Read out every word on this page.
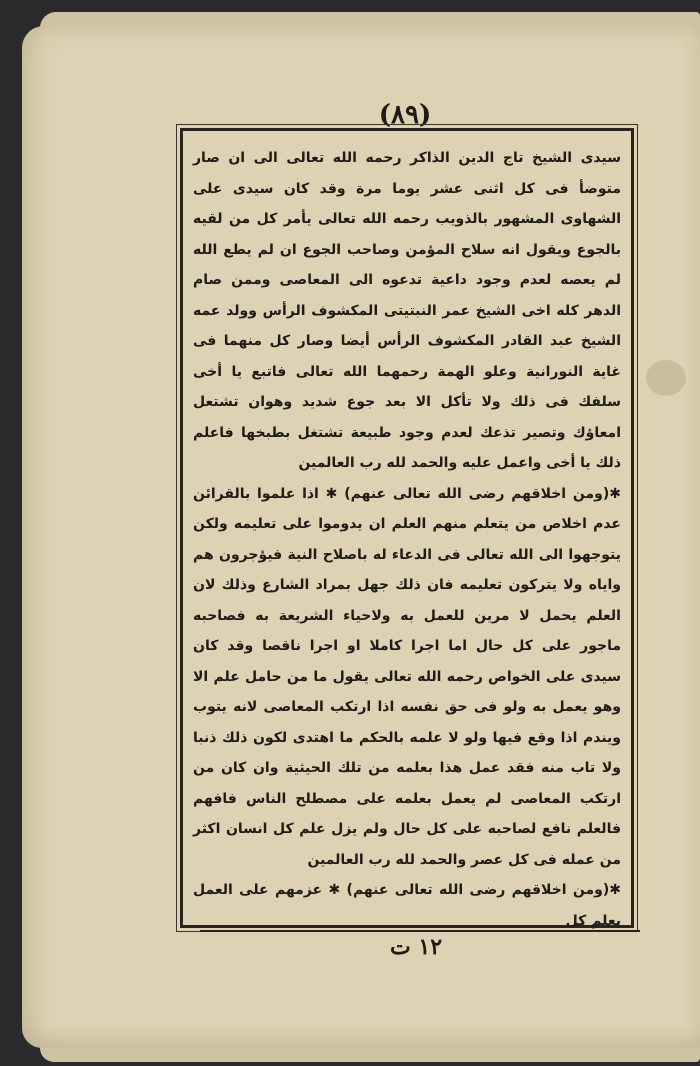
(٨٩)

سيدى الشيخ تاج الدين الذاكر رحمه الله تعالى الى ان صار متوضأ فى كل اثنى عشر يوما مرة وقد كان سيدى على الشهاوى المشهور بالذويب رحمه الله تعالى يأمر كل من لقيه بالجوع ويقول انه سلاح المؤمن وصاحب الجوع ان لم يطع الله لم يعصه لعدم وجود داعية تدعوه الى المعاصى وممن صام الدهر كله اخى الشيخ عمر النبتيتى المكشوف الرأس وولد عمه الشيخ عبد القادر المكشوف الرأس أيضا وصار كل منهما فى غاية النورانية وعلو الهمة رحمهما الله تعالى فاتبع يا أخى سلفك فى ذلك ولا تأكل الا بعد جوع شديد وهوان تشتعل امعاؤك وتصير تذعك لعدم وجود طبيعة تشتغل بطبخها فاعلم ذلك يا أخى واعمل عليه والحمد لله رب العالمين

✱(ومن اخلاقهم رضى الله تعالى عنهم) ✱ اذا علموا بالقرائن عدم اخلاص من يتعلم منهم العلم ان يدوموا على تعليمه ولكن يتوجهوا الى الله تعالى فى الدعاء له باصلاح النية فيؤجرون هم واياه ولا يتركون تعليمه فان ذلك جهل بمراد الشارع وذلك لان العلم يحمل لا مرين للعمل به ولاحياء الشريعة به فصاحبه ماجور على كل حال اما اجرا كاملا او اجرا ناقصا وقد كان سيدى على الخواص رحمه الله تعالى يقول ما من حامل علم الا وهو يعمل به ولو فى حق نفسه اذا ارتكب المعاصى لانه يتوب ويندم اذا وقع فيها ولو لا علمه بالحكم ما اهتدى لكون ذلك ذنبا ولا تاب منه فقد عمل هذا بعلمه من تلك الحيثية وان كان من ارتكب المعاصى لم يعمل بعلمه على مصطلح الناس فافهم فالعلم نافع لصاحبه على كل حال ولم يزل علم كل انسان اكثر من عمله فى كل عصر والحمد لله رب العالمين

✱(ومن اخلاقهم رضى الله تعالى عنهم) ✱ عزمهم على العمل بعلم كل

١٢ ت
